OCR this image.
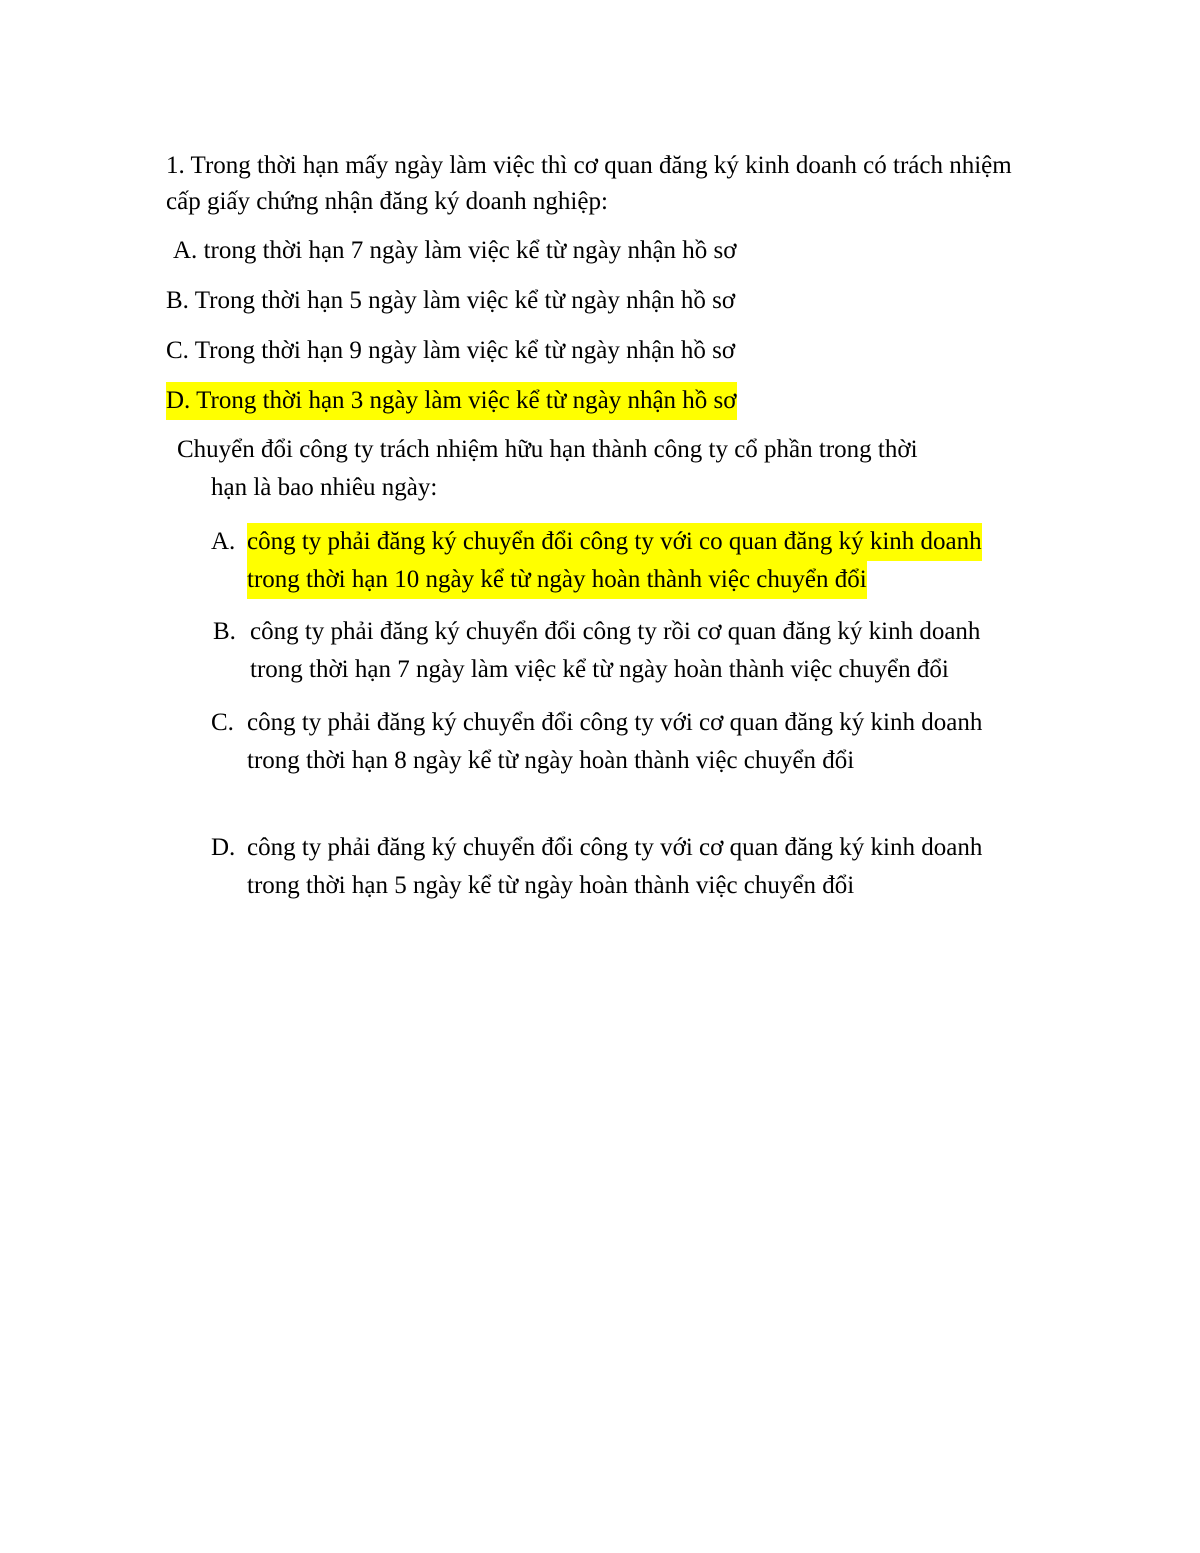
1. Trong thời hạn mấy ngày làm việc thì cơ quan đăng ký kinh doanh có trách nhiệm
cấp giấy chứng nhận đăng ký doanh nghiệp:
A. trong thời hạn 7 ngày làm việc kể từ ngày nhận hồ sơ
B. Trong thời hạn 5 ngày làm việc kể từ ngày nhận hồ sơ
C. Trong thời hạn 9 ngày làm việc kể từ ngày nhận hồ sơ
D. Trong thời hạn 3 ngày làm việc kể từ ngày nhận hồ sơ
Chuyển đổi công ty trách nhiệm hữu hạn thành công ty cổ phần trong thời
hạn là bao nhiêu ngày:
A. công ty phải đăng ký chuyển đổi công ty với co quan đăng ký kinh doanh
trong thời hạn 10 ngày kể từ ngày hoàn thành việc chuyển đổi
B. công ty phải đăng ký chuyển đổi công ty rồi cơ quan đăng ký kinh doanh
trong thời hạn 7 ngày làm việc kể từ ngày hoàn thành việc chuyển đổi
C. công ty phải đăng ký chuyển đổi công ty với cơ quan đăng ký kinh doanh
trong thời hạn 8 ngày kể từ ngày hoàn thành việc chuyển đổi
D. công ty phải đăng ký chuyển đổi công ty với cơ quan đăng ký kinh doanh
trong thời hạn 5 ngày kể từ ngày hoàn thành việc chuyển đổi
